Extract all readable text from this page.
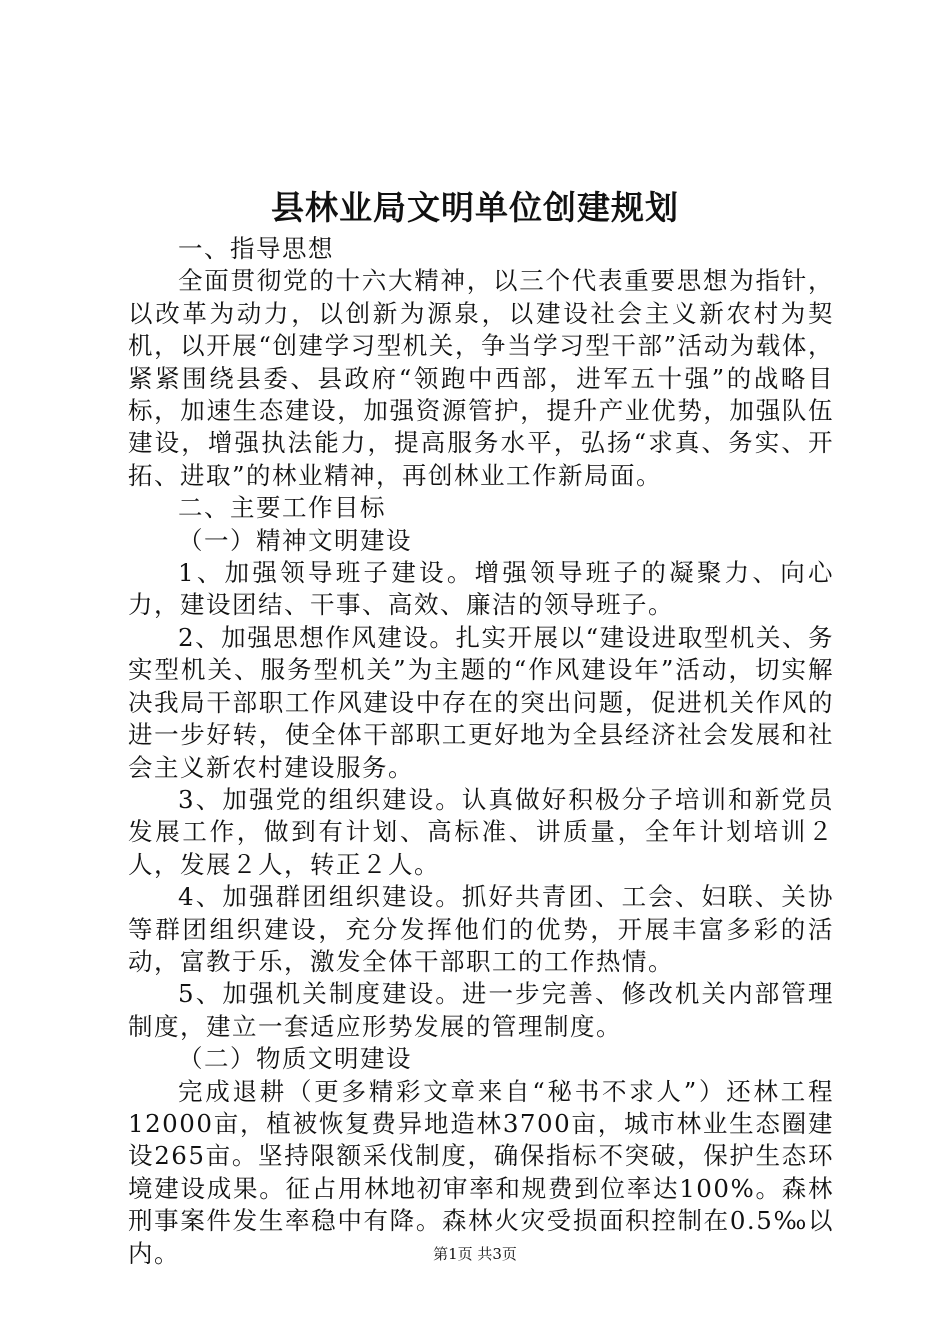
县林业局文明单位创建规划

一、指导思想

全面贯彻党的十六大精神，以三个代表重要思想为指针，以改革为动力，以创新为源泉，以建设社会主义新农村为契机，以开展“创建学习型机关，争当学习型干部”活动为载体，紧紧围绕县委、县政府“领跑中西部，进军五十强”的战略目标，加速生态建设，加强资源管护，提升产业优势，加强队伍建设，增强执法能力，提高服务水平，弘扬“求真、务实、开拓、进取”的林业精神，再创林业工作新局面。

二、主要工作目标

（一）精神文明建设

1、加强领导班子建设。增强领导班子的凝聚力、向心力，建设团结、干事、高效、廉洁的领导班子。

2、加强思想作风建设。扎实开展以“建设进取型机关、务实型机关、服务型机关”为主题的“作风建设年”活动，切实解决我局干部职工作风建设中存在的突出问题，促进机关作风的进一步好转，使全体干部职工更好地为全县经济社会发展和社会主义新农村建设服务。

3、加强党的组织建设。认真做好积极分子培训和新党员发展工作，做到有计划、高标准、讲质量，全年计划培训２人，发展２人，转正２人。

4、加强群团组织建设。抓好共青团、工会、妇联、关协等群团组织建设，充分发挥他们的优势，开展丰富多彩的活动，富教于乐，激发全体干部职工的工作热情。

5、加强机关制度建设。进一步完善、修改机关内部管理制度，建立一套适应形势发展的管理制度。

（二）物质文明建设

完成退耕（更多精彩文章来自“秘书不求人”）还林工程12000亩，植被恢复费异地造林3700亩，城市林业生态圈建设265亩。坚持限额采伐制度，确保指标不突破，保护生态环境建设成果。征占用林地初审率和规费到位率达100%。森林刑事案件发生率稳中有降。森林火灾受损面积控制在0.5‰以内。	第1页 共3页
